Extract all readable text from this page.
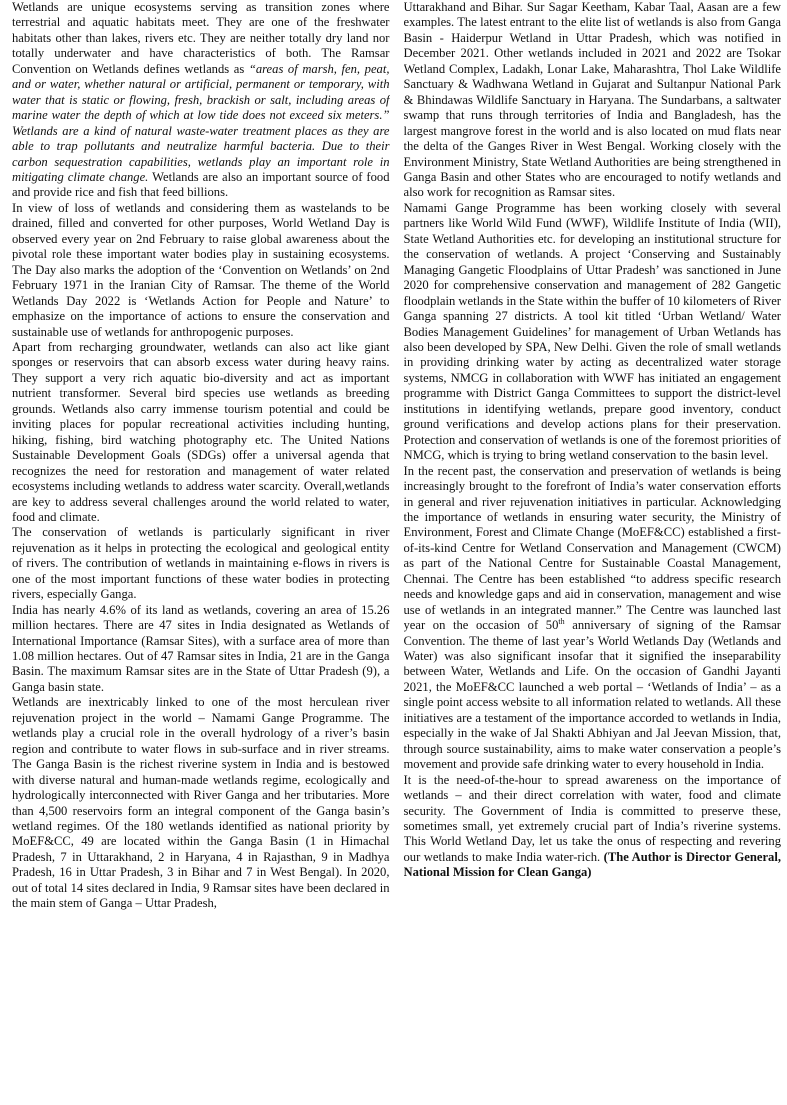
Wetlands are unique ecosystems serving as transition zones where terrestrial and aquatic habitats meet. They are one of the freshwater habitats other than lakes, rivers etc. They are neither totally dry land nor totally underwater and have characteristics of both. The Ramsar Convention on Wetlands defines wetlands as “areas of marsh, fen, peat, and or water, whether natural or artificial, permanent or temporary, with water that is static or flowing, fresh, brackish or salt, including areas of marine water the depth of which at low tide does not exceed six meters.” Wetlands are a kind of natural waste-water treatment places as they are able to trap pollutants and neutralize harmful bacteria. Due to their carbon sequestration capabilities, wetlands play an important role in mitigating climate change. Wetlands are also an important source of food and provide rice and fish that feed billions.

In view of loss of wetlands and considering them as wastelands to be drained, filled and converted for other purposes, World Wetland Day is observed every year on 2nd February to raise global awareness about the pivotal role these important water bodies play in sustaining ecosystems. The Day also marks the adoption of the ‘Convention on Wetlands’ on 2nd February 1971 in the Iranian City of Ramsar. The theme of the World Wetlands Day 2022 is ‘Wetlands Action for People and Nature’ to emphasize on the importance of actions to ensure the conservation and sustainable use of wetlands for anthropogenic purposes.

Apart from recharging groundwater, wetlands can also act like giant sponges or reservoirs that can absorb excess water during heavy rains. They support a very rich aquatic bio-diversity and act as important nutrient transformer. Several bird species use wetlands as breeding grounds. Wetlands also carry immense tourism potential and could be inviting places for popular recreational activities including hunting, hiking, fishing, bird watching photography etc. The United Nations Sustainable Development Goals (SDGs) offer a universal agenda that recognizes the need for restoration and management of water related ecosystems including wetlands to address water scarcity. Overall,wetlands are key to address several challenges around the world related to water, food and climate.

The conservation of wetlands is particularly significant in river rejuvenation as it helps in protecting the ecological and geological entity of rivers. The contribution of wetlands in maintaining e-flows in rivers is one of the most important functions of these water bodies in protecting rivers, especially Ganga.

India has nearly 4.6% of its land as wetlands, covering an area of 15.26 million hectares. There are 47 sites in India designated as Wetlands of International Importance (Ramsar Sites), with a surface area of more than 1.08 million hectares. Out of 47 Ramsar sites in India, 21 are in the Ganga Basin. The maximum Ramsar sites are in the State of Uttar Pradesh (9), a Ganga basin state.

Wetlands are inextricably linked to one of the most herculean river rejuvenation project in the world – Namami Gange Programme. The wetlands play a crucial role in the overall hydrology of a river’s basin region and contribute to water flows in sub-surface and in river streams. The Ganga Basin is the richest riverine system in India and is bestowed with diverse natural and human-made wetlands regime, ecologically and hydrologically interconnected with River Ganga and her tributaries. More than 4,500 reservoirs form an integral component of the Ganga basin’s wetland regimes. Of the 180 wetlands identified as national priority by MoEF&CC, 49 are located within the Ganga Basin (1 in Himachal Pradesh, 7 in Uttarakhand, 2 in Haryana, 4 in Rajasthan, 9 in Madhya Pradesh, 16 in Uttar Pradesh, 3 in Bihar and 7 in West Bengal). In 2020, out of total 14 sites declared in India, 9 Ramsar sites have been declared in the main stem of Ganga – Uttar Pradesh,

Uttarakhand and Bihar. Sur Sagar Keetham, Kabar Taal, Aasan are a few examples. The latest entrant to the elite list of wetlands is also from Ganga Basin - Haiderpur Wetland in Uttar Pradesh, which was notified in December 2021. Other wetlands included in 2021 and 2022 are Tsokar Wetland Complex, Ladakh, Lonar Lake, Maharashtra, Thol Lake Wildlife Sanctuary & Wadhwana Wetland in Gujarat and Sultanpur National Park & Bhindawas Wildlife Sanctuary in Haryana. The Sundarbans, a saltwater swamp that runs through territories of India and Bangladesh, has the largest mangrove forest in the world and is also located on mud flats near the delta of the Ganges River in West Bengal. Working closely with the Environment Ministry, State Wetland Authorities are being strengthened in Ganga Basin and other States who are encouraged to notify wetlands and also work for recognition as Ramsar sites.

Namami Gange Programme has been working closely with several partners like World Wild Fund (WWF), Wildlife Institute of India (WII), State Wetland Authorities etc. for developing an institutional structure for the conservation of wetlands. A project ‘Conserving and Sustainably Managing Gangetic Floodplains of Uttar Pradesh’ was sanctioned in June 2020 for comprehensive conservation and management of 282 Gangetic floodplain wetlands in the State within the buffer of 10 kilometers of River Ganga spanning 27 districts. A tool kit titled ‘Urban Wetland/ Water Bodies Management Guidelines’ for management of Urban Wetlands has also been developed by SPA, New Delhi. Given the role of small wetlands in providing drinking water by acting as decentralized water storage systems, NMCG in collaboration with WWF has initiated an engagement programme with District Ganga Committees to support the district-level institutions in identifying wetlands, prepare good inventory, conduct ground verifications and develop actions plans for their preservation. Protection and conservation of wetlands is one of the foremost priorities of NMCG, which is trying to bring wetland conservation to the basin level.

In the recent past, the conservation and preservation of wetlands is being increasingly brought to the forefront of India’s water conservation efforts in general and river rejuvenation initiatives in particular. Acknowledging the importance of wetlands in ensuring water security, the Ministry of Environment, Forest and Climate Change (MoEF&CC) established a first-of-its-kind Centre for Wetland Conservation and Management (CWCM) as part of the National Centre for Sustainable Coastal Management, Chennai. The Centre has been established “to address specific research needs and knowledge gaps and aid in conservation, management and wise use of wetlands in an integrated manner.” The Centre was launched last year on the occasion of 50th anniversary of signing of the Ramsar Convention. The theme of last year’s World Wetlands Day (Wetlands and Water) was also significant insofar that it signified the inseparability between Water, Wetlands and Life. On the occasion of Gandhi Jayanti 2021, the MoEF&CC launched a web portal – ‘Wetlands of India’ – as a single point access website to all information related to wetlands. All these initiatives are a testament of the importance accorded to wetlands in India, especially in the wake of Jal Shakti Abhiyan and Jal Jeevan Mission, that, through source sustainability, aims to make water conservation a people’s movement and provide safe drinking water to every household in India.

It is the need-of-the-hour to spread awareness on the importance of wetlands – and their direct correlation with water, food and climate security. The Government of India is committed to preserve these, sometimes small, yet extremely crucial part of India’s riverine systems. This World Wetland Day, let us take the onus of respecting and revering our wetlands to make India water-rich. (The Author is Director General, National Mission for Clean Ganga)
